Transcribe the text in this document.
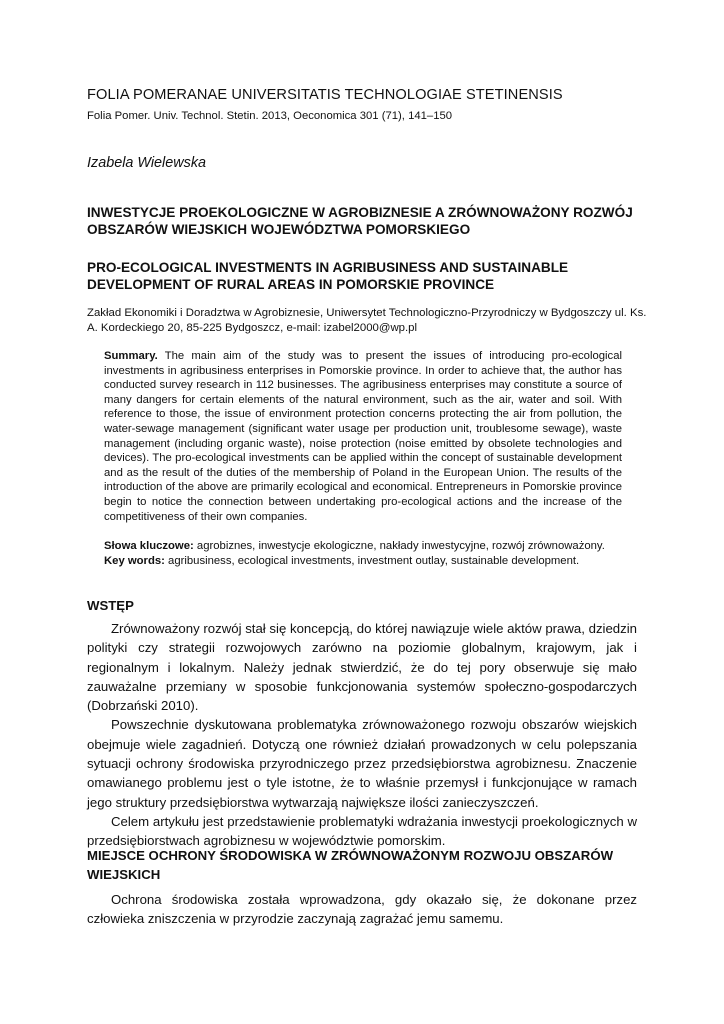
FOLIA POMERANAE UNIVERSITATIS TECHNOLOGIAE STETINENSIS
Folia Pomer. Univ. Technol. Stetin. 2013, Oeconomica 301 (71), 141–150
Izabela Wielewska
INWESTYCJE PROEKOLOGICZNE W AGROBIZNESIE A ZRÓWNOWAŻONY ROZWÓJ OBSZARÓW WIEJSKICH WOJEWÓDZTWA POMORSKIEGO
PRO-ECOLOGICAL INVESTMENTS IN AGRIBUSINESS AND SUSTAINABLE DEVELOPMENT OF RURAL AREAS IN POMORSKIE PROVINCE
Zakład Ekonomiki i Doradztwa w Agrobiznesie, Uniwersytet Technologiczno-Przyrodniczy w Bydgoszczy ul. Ks. A. Kordeckiego 20, 85-225 Bydgoszcz, e-mail: izabel2000@wp.pl
Summary. The main aim of the study was to present the issues of introducing pro-ecological investments in agribusiness enterprises in Pomorskie province. In order to achieve that, the author has conducted survey research in 112 businesses. The agribusiness enterprises may constitute a source of many dangers for certain elements of the natural environment, such as the air, water and soil. With reference to those, the issue of environment protection concerns protecting the air from pollution, the water-sewage management (significant water usage per production unit, troublesome sewage), waste management (including organic waste), noise protection (noise emitted by obsolete technologies and devices). The pro-ecological investments can be applied within the concept of sustainable development and as the result of the duties of the membership of Poland in the European Union. The results of the introduction of the above are primarily ecological and economical. Entrepreneurs in Pomorskie province begin to notice the connection between undertaking pro-ecological actions and the increase of the competitiveness of their own companies.
Słowa kluczowe: agrobiznes, inwestycje ekologiczne, nakłady inwestycyjne, rozwój zrównoważony.
Key words: agribusiness, ecological investments, investment outlay, sustainable development.
WSTĘP

Zrównoważony rozwój stał się koncepcją, do której nawiązuje wiele aktów prawa, dziedzin polityki czy strategii rozwojowych zarówno na poziomie globalnym, krajowym, jak i regionalnym i lokalnym. Należy jednak stwierdzić, że do tej pory obserwuje się mało zauważalne przemiany w sposobie funkcjonowania systemów społeczno-gospodarczych (Dobrzański 2010).

Powszechnie dyskutowana problematyka zrównoważonego rozwoju obszarów wiejskich obejmuje wiele zagadnień. Dotyczą one również działań prowadzonych w celu polepszania sytuacji ochrony środowiska przyrodniczego przez przedsiębiorstwa agrobiznesu. Znaczenie omawianego problemu jest o tyle istotne, że to właśnie przemysł i funkcjonujące w ramach jego struktury przedsiębiorstwa wytwarzają największe ilości zanieczyszczeń.

Celem artykułu jest przedstawienie problematyki wdrażania inwestycji proekologicznych w przedsiębiorstwach agrobiznesu w województwie pomorskim.

MIEJSCE OCHRONY ŚRODOWISKA W ZRÓWNOWAŻONYM ROZWOJU OBSZARÓW WIEJSKICH

Ochrona środowiska została wprowadzona, gdy okazało się, że dokonane przez człowieka zniszczenia w przyrodzie zaczynają zagrażać jemu samemu.
